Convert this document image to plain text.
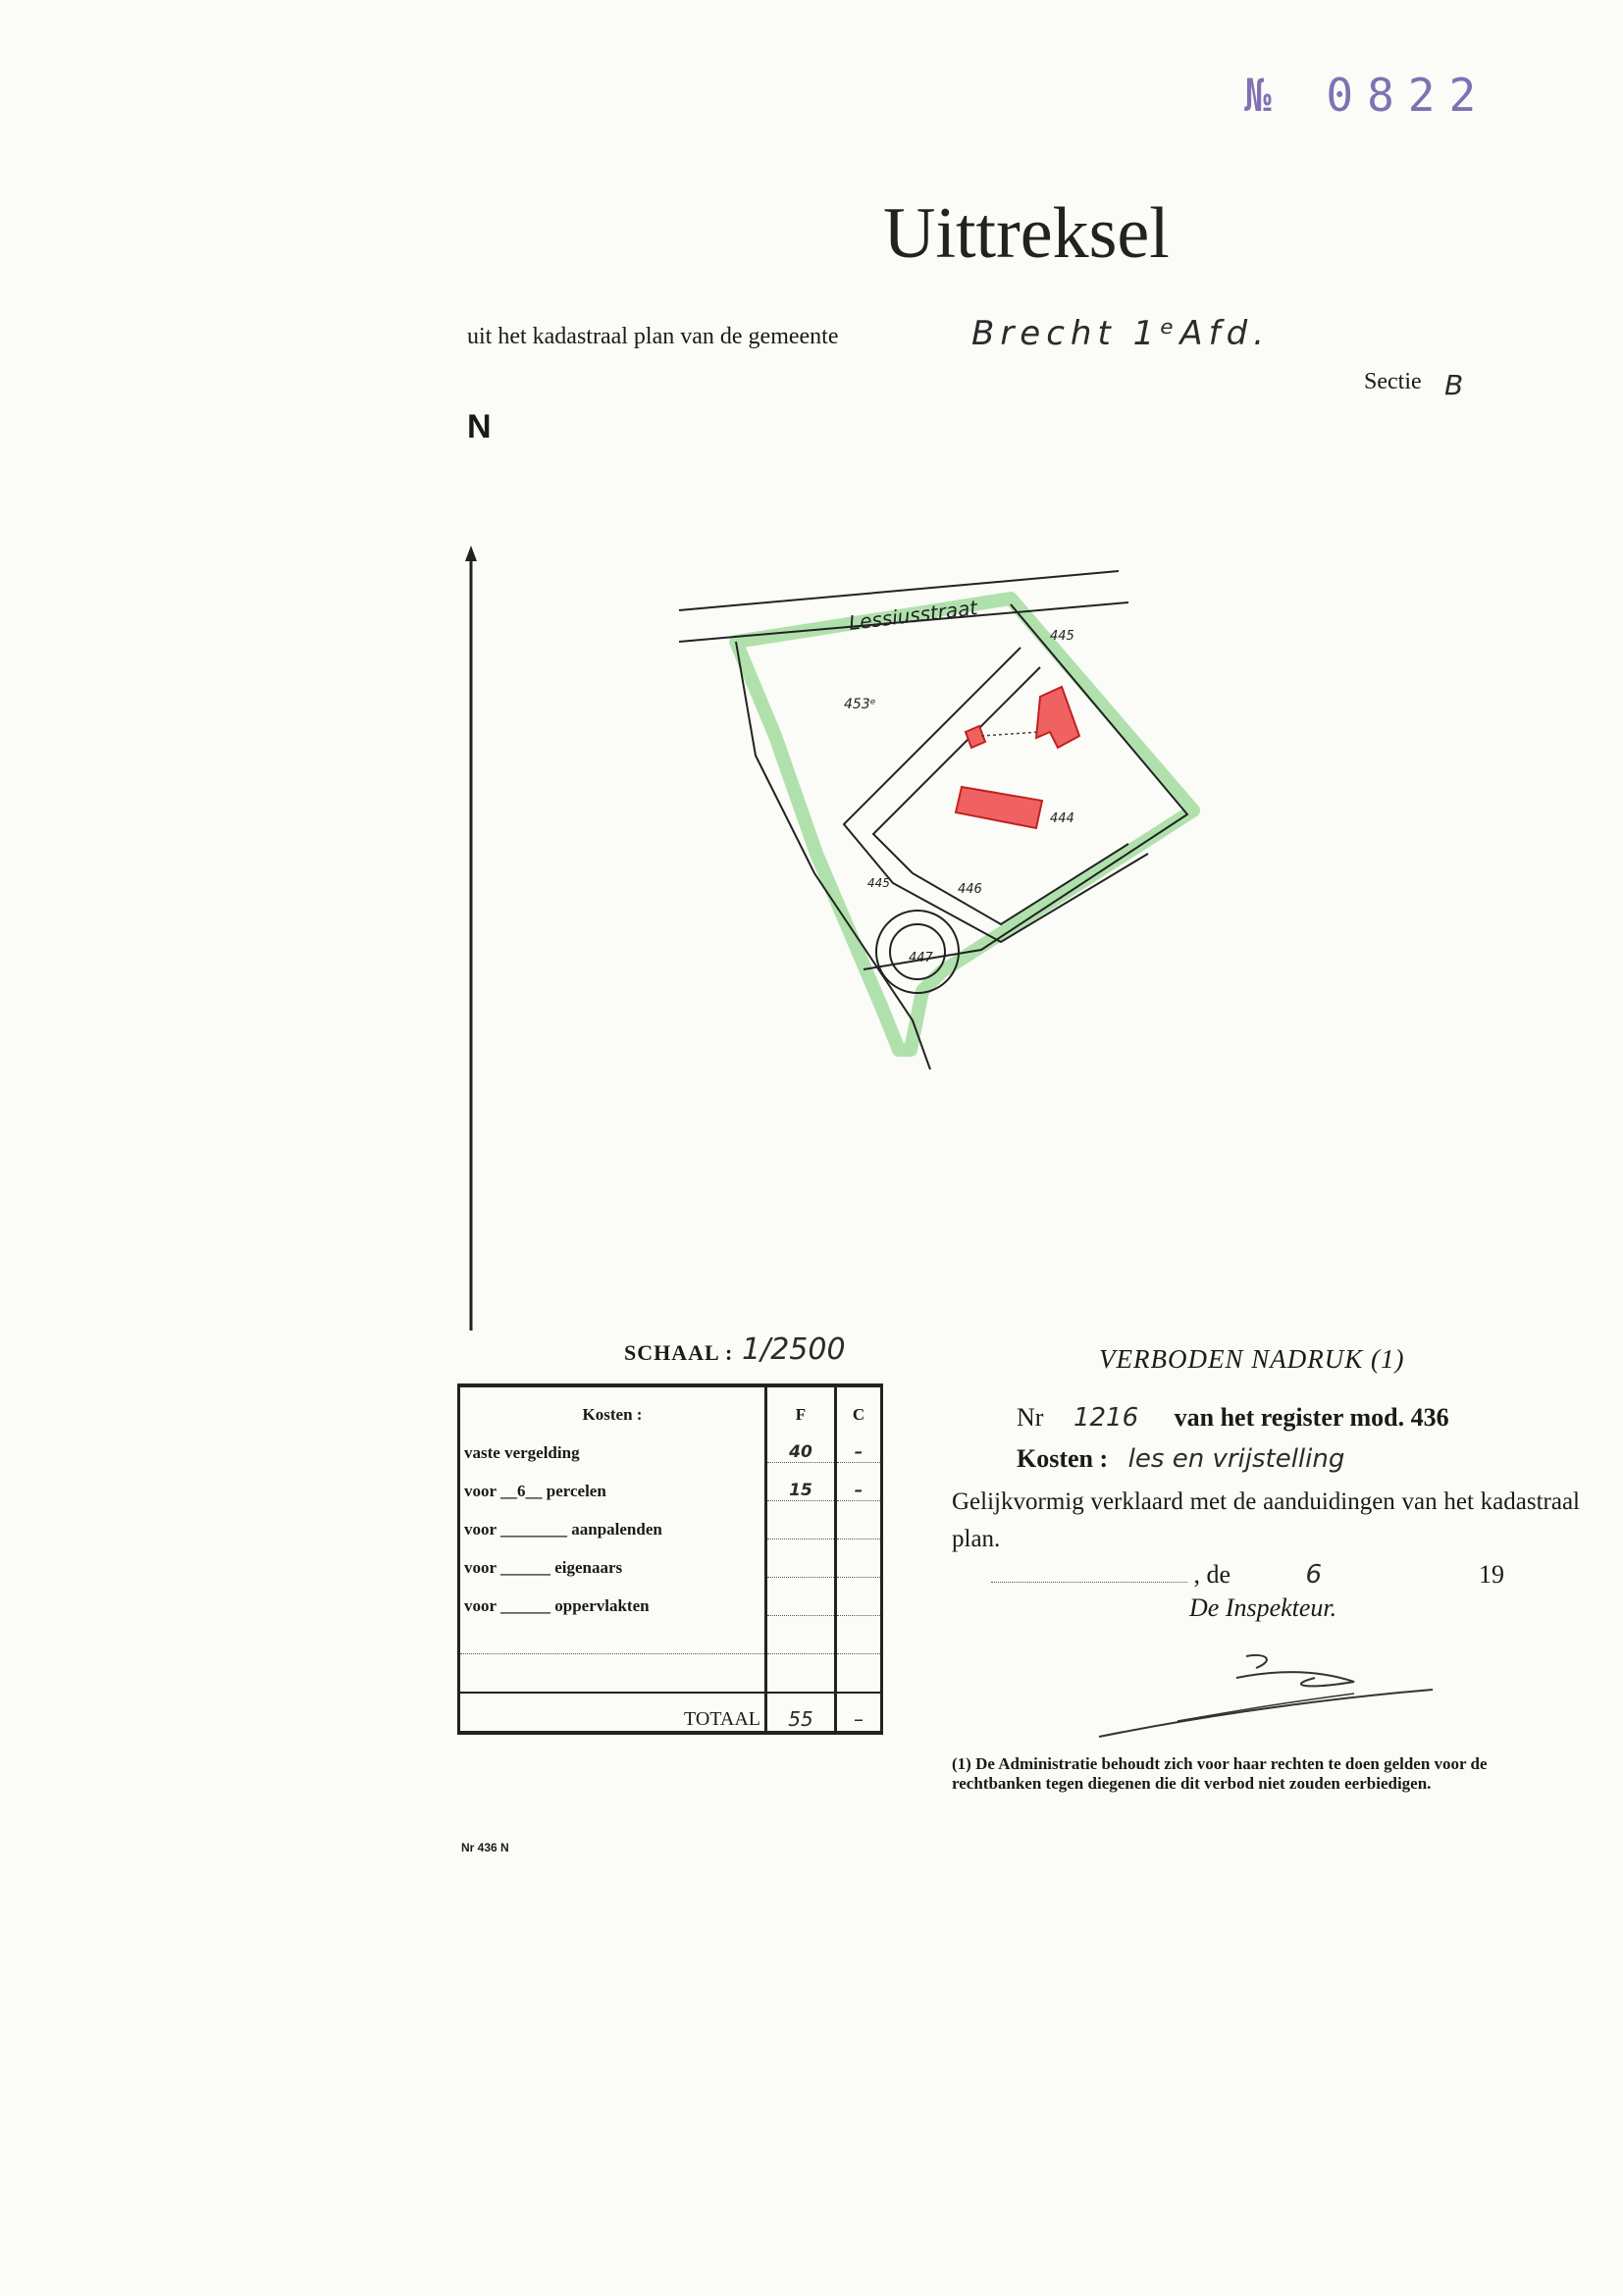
№ 0822
Uittreksel
uit het kadastraal plan van de gemeente	Brecht 1ᵉAfd.
Sectie B
N
Lessiusstraat
445
453ᵉ
444
446
445
447
SCHAAL : 1/2500
Kosten :	F	C
vaste vergelding	40	–
voor __6__ percelen	15	–
voor ________ aanpalenden		
voor ______ eigenaars		
voor ______ oppervlakten		

TOTAAL	55	–
VERBODEN NADRUK (1)
Nr 1216 van het register mod. 436
Kosten : les en vrijstelling
Gelijkvormig verklaard met de aanduidingen van het kadastraal plan.
, de	6	19
De Inspekteur.
(1) De Administratie behoudt zich voor haar rechten te doen gelden voor de rechtbanken tegen diegenen die dit verbod niet zouden eerbiedigen.
Nr 436 N
